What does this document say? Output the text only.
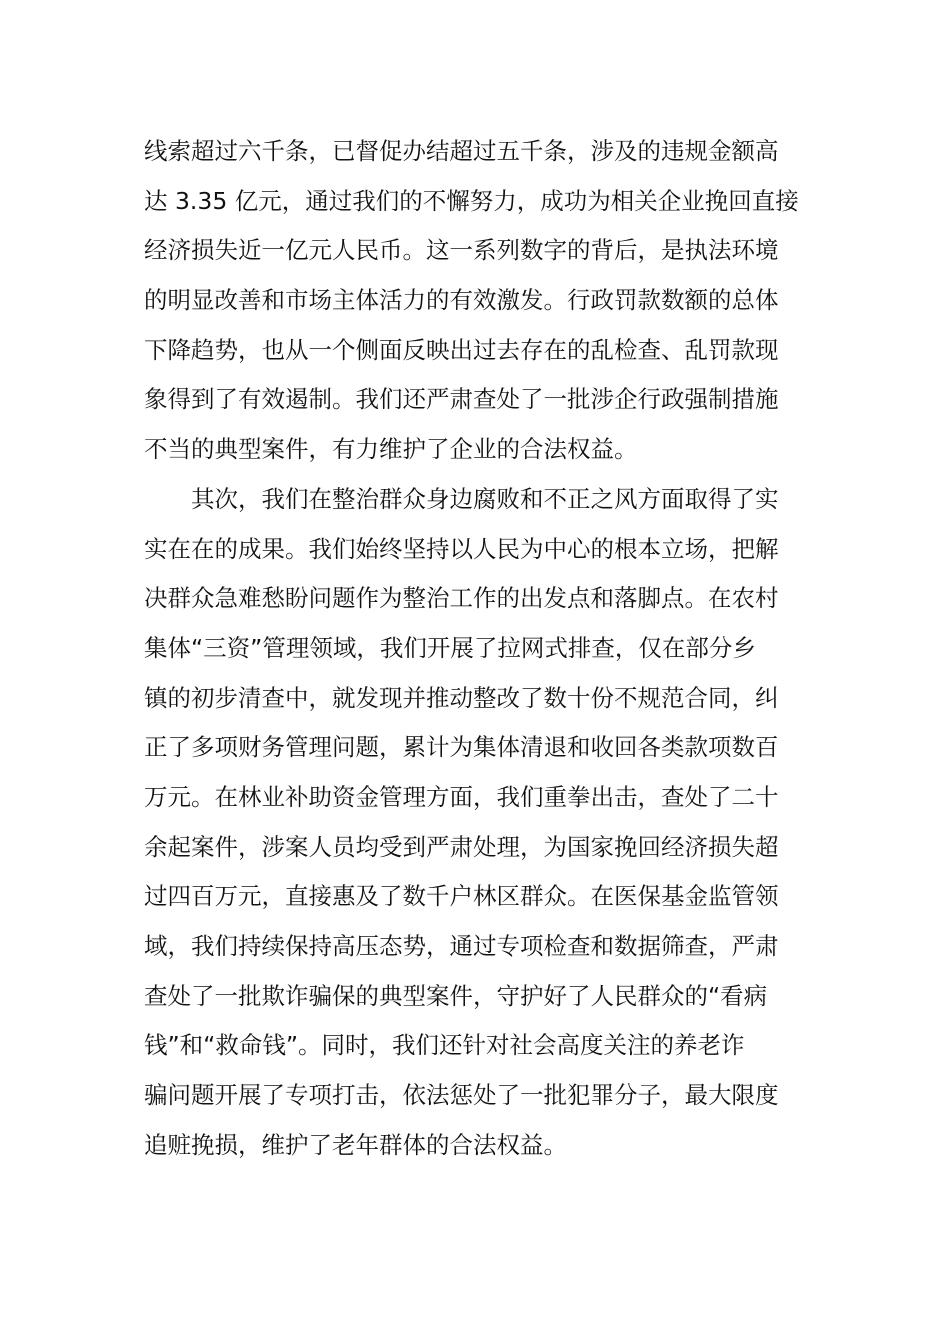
线索超过六千条，已督促办结超过五千条，涉及的违规金额高
达 3.35 亿元，通过我们的不懈努力，成功为相关企业挽回直接
经济损失近一亿元人民币。这一系列数字的背后，是执法环境
的明显改善和市场主体活力的有效激发。行政罚款数额的总体
下降趋势，也从一个侧面反映出过去存在的乱检查、乱罚款现
象得到了有效遏制。我们还严肃查处了一批涉企行政强制措施
不当的典型案件，有力维护了企业的合法权益。
其次，我们在整治群众身边腐败和不正之风方面取得了实
实在在的成果。我们始终坚持以人民为中心的根本立场，把解
决群众急难愁盼问题作为整治工作的出发点和落脚点。在农村
集体“三资”管理领域，我们开展了拉网式排查，仅在部分乡
镇的初步清查中，就发现并推动整改了数十份不规范合同，纠
正了多项财务管理问题，累计为集体清退和收回各类款项数百
万元。在林业补助资金管理方面，我们重拳出击，查处了二十
余起案件，涉案人员均受到严肃处理，为国家挽回经济损失超
过四百万元，直接惠及了数千户林区群众。在医保基金监管领
域，我们持续保持高压态势，通过专项检查和数据筛查，严肃
查处了一批欺诈骗保的典型案件，守护好了人民群众的“看病
钱”和“救命钱”。同时，我们还针对社会高度关注的养老诈
骗问题开展了专项打击，依法惩处了一批犯罪分子，最大限度
追赃挽损，维护了老年群体的合法权益。
